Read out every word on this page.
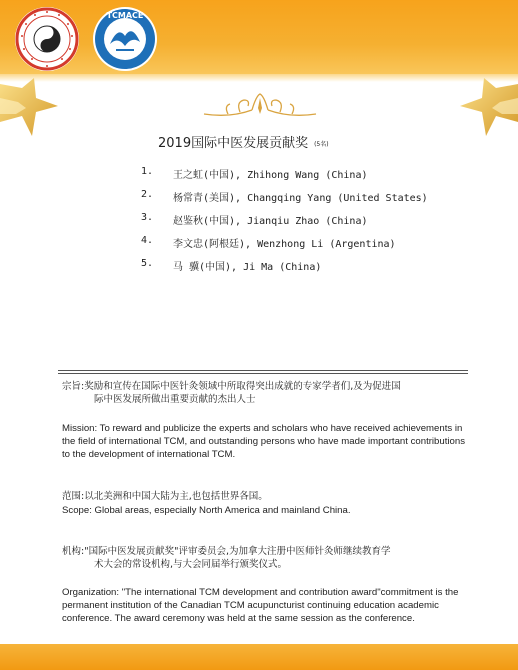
TCMACE
2019国际中医发展贡献奖 (5名)
1.	王之虹(中国), Zhihong Wang (China)
2.	杨常青(美国), Changqing Yang (United States)
3.	赵鉴秋(中国), Jianqiu Zhao (China)
4.	李文忠(阿根廷), Wenzhong Li (Argentina)
5.	马 骥(中国), Ji Ma (China)
宗旨:奖励和宣传在国际中医针灸领域中所取得突出成就的专家学者们,及为促进国
际中医发展所做出重要贡献的杰出人士
Mission: To reward and publicize the experts and scholars who have received achievements in the field of international TCM, and outstanding persons who have made important contributions to the development of international TCM.
范围:以北美洲和中国大陆为主,也包括世界各国。
Scope: Global areas, especially North America and mainland China.
机构:"国际中医发展贡献奖"评审委员会,为加拿大注册中医师针灸师继续教育学
术大会的常设机构,与大会同届举行颁奖仪式。
Organization: "The international TCM development and contribution award"commitment is the permanent institution of the Canadian TCM acupuncturist continuing education academic conference. The award ceremony was held at the same session as the conference.
